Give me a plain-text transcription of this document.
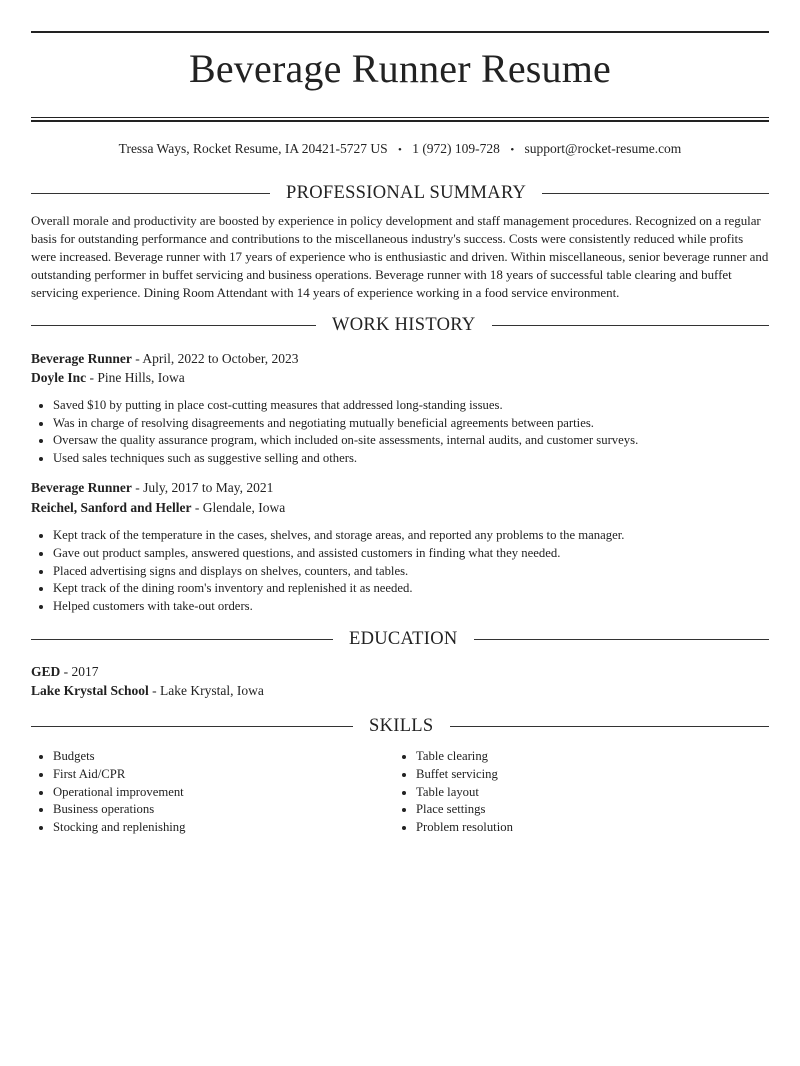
Beverage Runner Resume
Tressa Ways, Rocket Resume, IA 20421-5727 US • 1 (972) 109-728 • support@rocket-resume.com
PROFESSIONAL SUMMARY

Overall morale and productivity are boosted by experience in policy development and staff management procedures. Recognized on a regular basis for outstanding performance and contributions to the miscellaneous industry's success. Costs were consistently reduced while profits were increased. Beverage runner with 17 years of experience who is enthusiastic and driven. Within miscellaneous, senior beverage runner and outstanding performer in buffet servicing and business operations. Beverage runner with 18 years of successful table clearing and buffet servicing experience. Dining Room Attendant with 14 years of experience working in a food service environment.

WORK HISTORY
Beverage Runner - April, 2022 to October, 2023
Doyle Inc - Pine Hills, Iowa
• Saved $10 by putting in place cost-cutting measures that addressed long-standing issues.
• Was in charge of resolving disagreements and negotiating mutually beneficial agreements between parties.
• Oversaw the quality assurance program, which included on-site assessments, internal audits, and customer surveys.
• Used sales techniques such as suggestive selling and others.
Beverage Runner - July, 2017 to May, 2021
Reichel, Sanford and Heller - Glendale, Iowa
• Kept track of the temperature in the cases, shelves, and storage areas, and reported any problems to the manager.
• Gave out product samples, answered questions, and assisted customers in finding what they needed.
• Placed advertising signs and displays on shelves, counters, and tables.
• Kept track of the dining room's inventory and replenished it as needed.
• Helped customers with take-out orders.
EDUCATION
GED - 2017
Lake Krystal School - Lake Krystal, Iowa
SKILLS
• Budgets
• First Aid/CPR
• Operational improvement
• Business operations
• Stocking and replenishing
• Table clearing
• Buffet servicing
• Table layout
• Place settings
• Problem resolution
